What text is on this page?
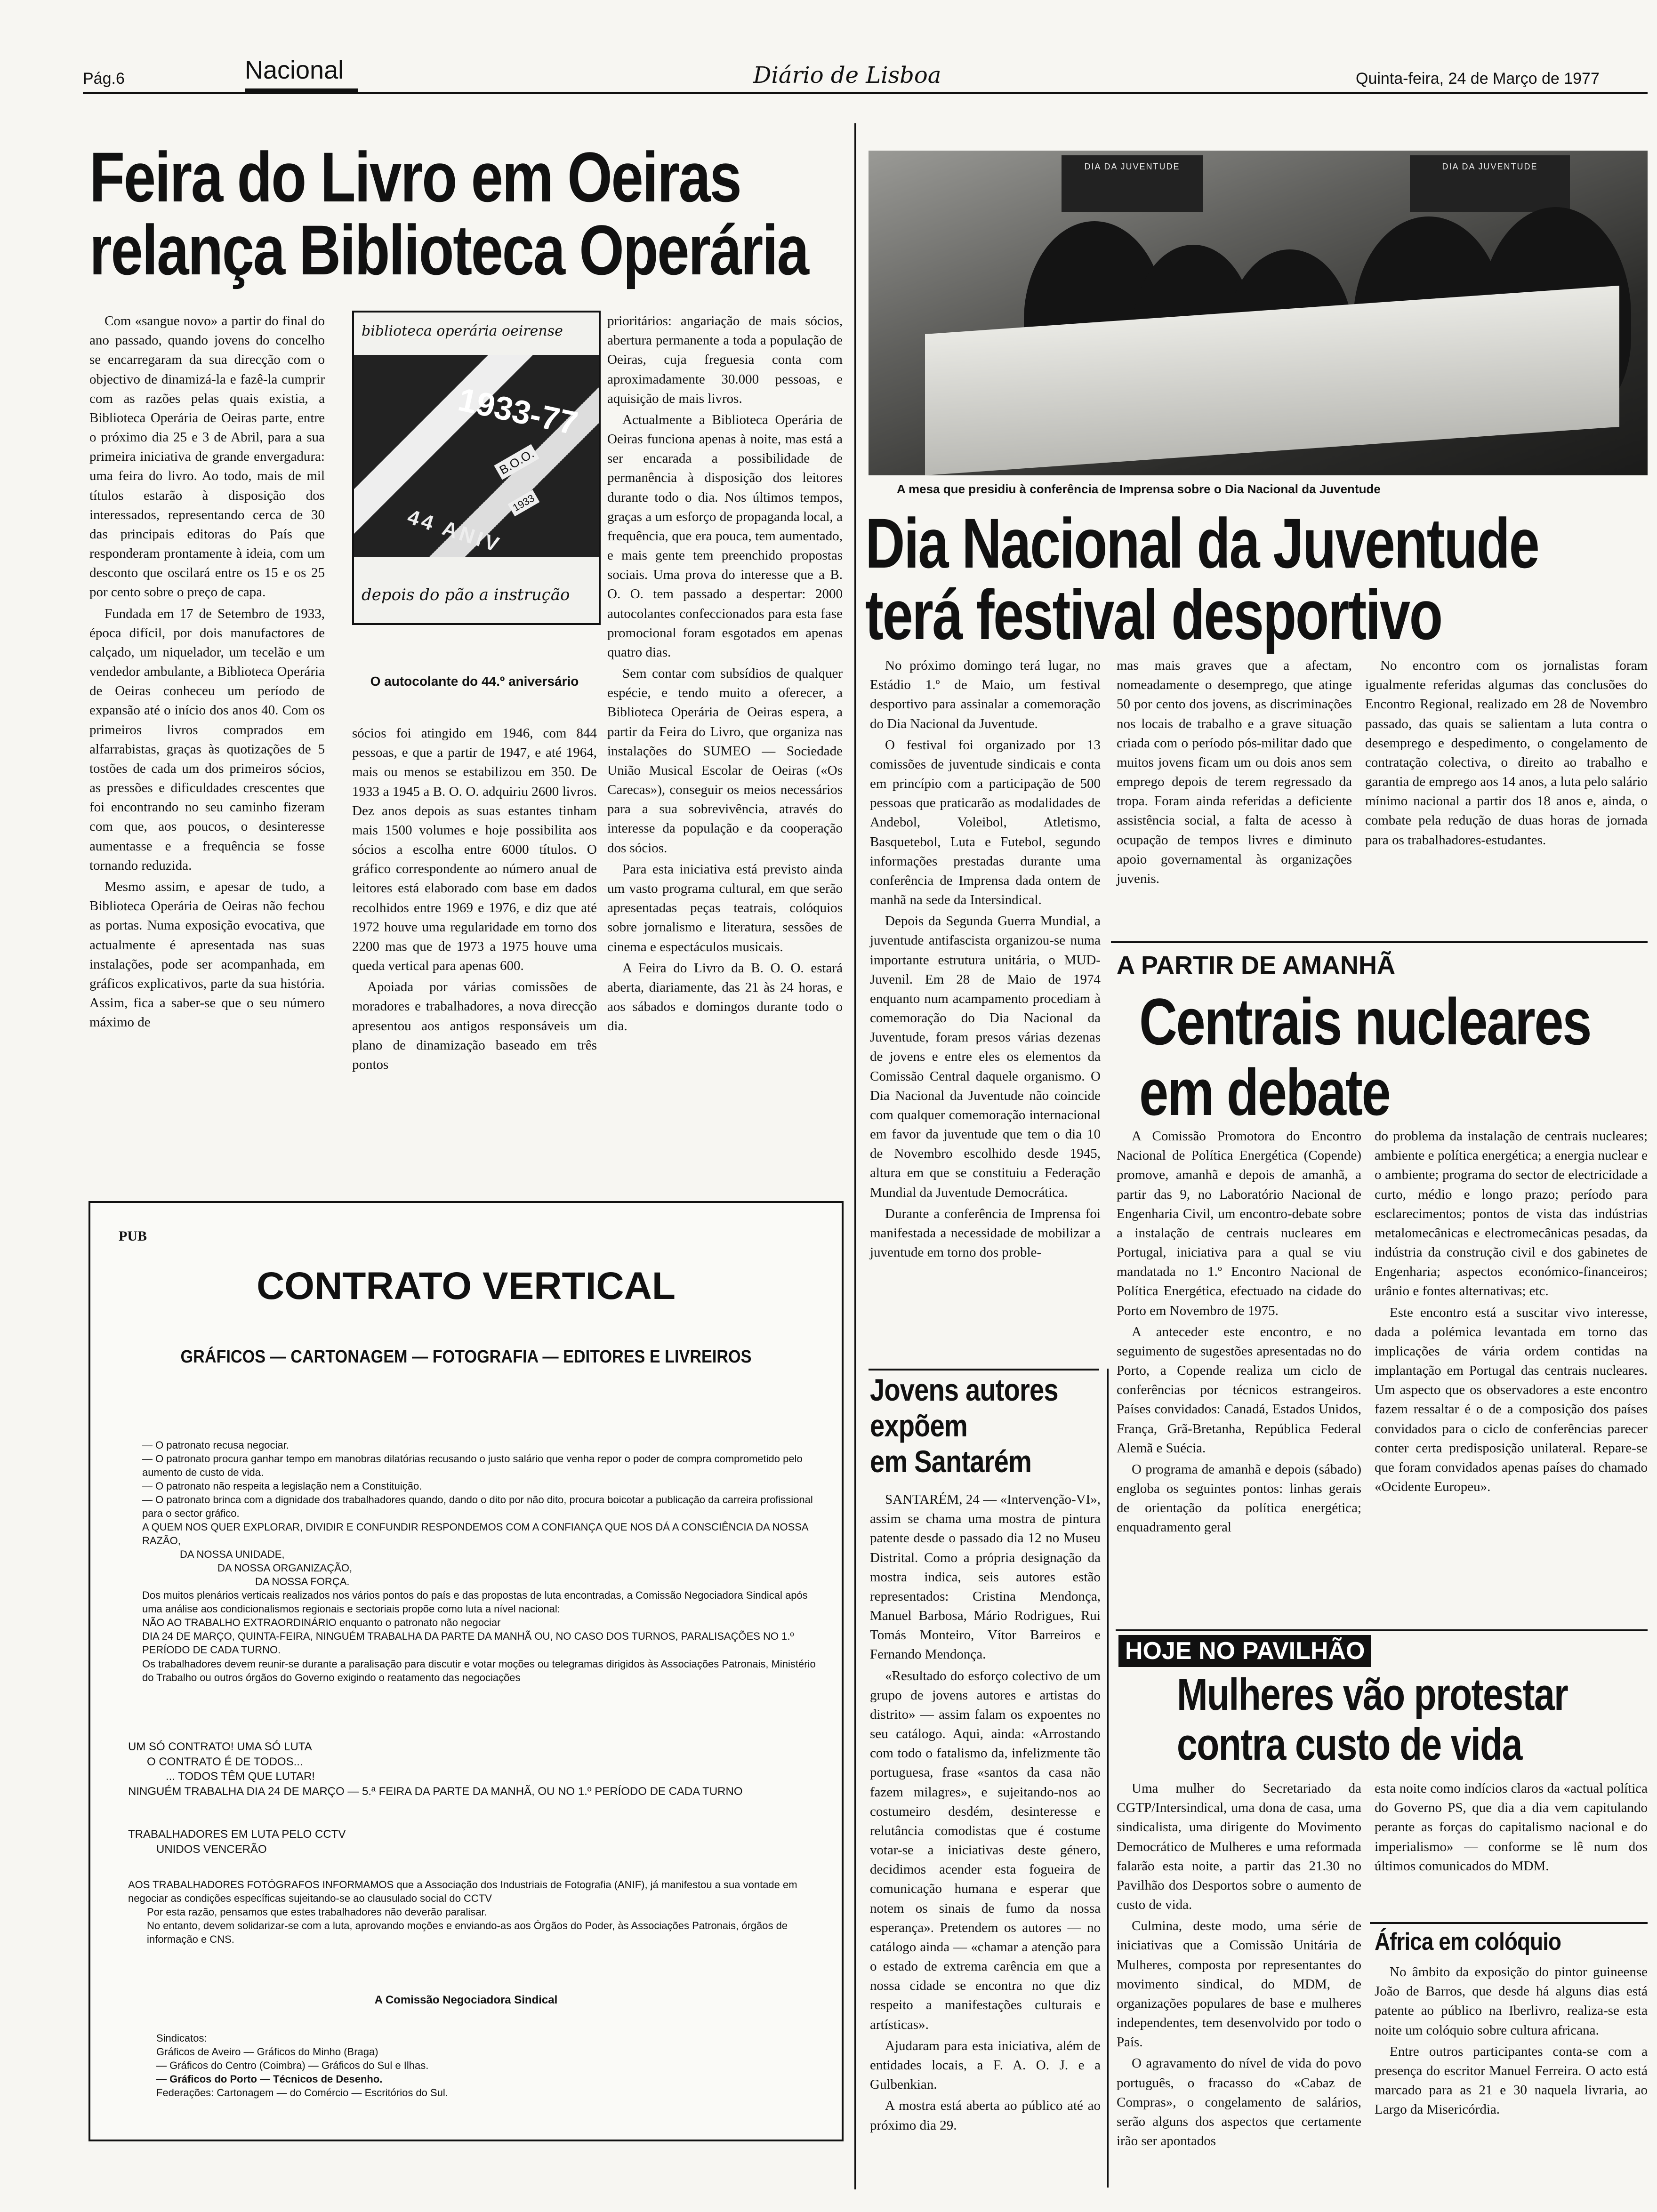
Pág.6	Nacional	Diário de Lisboa	Quinta-feira, 24 de Março de 1977
Feira do Livro em Oeiras
relança Biblioteca Operária

Com «sangue novo» a partir do final do ano passado, quando jovens do concelho se encarregaram da sua direcção com o objectivo de dinamizá-la e fazê-la cumprir com as razões pelas quais existia, a Biblioteca Operária de Oeiras parte, entre o próximo dia 25 e 3 de Abril, para a sua primeira iniciativa de grande envergadura: uma feira do livro. Ao todo, mais de mil títulos estarão à disposição dos interessados, representando cerca de 30 das principais editoras do País que responderam prontamente à ideia, com um desconto que oscilará entre os 15 e os 25 por cento sobre o preço de capa.

Fundada em 17 de Setembro de 1933, época difícil, por dois manufactores de calçado, um niquelador, um tecelão e um vendedor ambulante, a Biblioteca Operária de Oeiras conheceu um período de expansão até o início dos anos 40. Com os primeiros livros comprados em alfarrabistas, graças às quotizações de 5 tostões de cada um dos primeiros sócios, as pressões e dificuldades crescentes que foi encontrando no seu caminho fizeram com que, aos poucos, o desinteresse aumentasse e a frequência se fosse tornando reduzida.

Mesmo assim, e apesar de tudo, a Biblioteca Operária de Oeiras não fechou as portas. Numa exposição evocativa, que actualmente é apresentada nas suas instalações, pode ser acompanhada, em gráficos explicativos, parte da sua história. Assim, fica a saber-se que o seu número máximo de

biblioteca operária oeirense
1933-77
B.O.O.
1933
44 ANIV
depois do pão a instrução
O autocolante do 44.º aniversário

sócios foi atingido em 1946, com 844 pessoas, e que a partir de 1947, e até 1964, mais ou menos se estabilizou em 350. De 1933 a 1945 a B. O. O. adquiriu 2600 livros. Dez anos depois as suas estantes tinham mais 1500 volumes e hoje possibilita aos sócios a escolha entre 6000 títulos. O gráfico correspondente ao número anual de leitores está elaborado com base em dados recolhidos entre 1969 e 1976, e diz que até 1972 houve uma regularidade em torno dos 2200 mas que de 1973 a 1975 houve uma queda vertical para apenas 600.

Apoiada por várias comissões de moradores e trabalhadores, a nova direcção apresentou aos antigos responsáveis um plano de dinamização baseado em três pontos

prioritários: angariação de mais sócios, abertura permanente a toda a população de Oeiras, cuja freguesia conta com aproximadamente 30.000 pessoas, e aquisição de mais livros.

Actualmente a Biblioteca Operária de Oeiras funciona apenas à noite, mas está a ser encarada a possibilidade de permanência à disposição dos leitores durante todo o dia. Nos últimos tempos, graças a um esforço de propaganda local, a frequência, que era pouca, tem aumentado, e mais gente tem preenchido propostas sociais. Uma prova do interesse que a B. O. O. tem passado a despertar: 2000 autocolantes confeccionados para esta fase promocional foram esgotados em apenas quatro dias.

Sem contar com subsídios de qualquer espécie, e tendo muito a oferecer, a Biblioteca Operária de Oeiras espera, a partir da Feira do Livro, que organiza nas instalações do SUMEO — Sociedade União Musical Escolar de Oeiras («Os Carecas»), conseguir os meios necessários para a sua sobrevivência, através do interesse da população e da cooperação dos sócios.

Para esta iniciativa está previsto ainda um vasto programa cultural, em que serão apresentadas peças teatrais, colóquios sobre jornalismo e literatura, sessões de cinema e espectáculos musicais.

A Feira do Livro da B. O. O. estará aberta, diariamente, das 21 às 24 horas, e aos sábados e domingos durante todo o dia.

PUB
CONTRATO VERTICAL
GRÁFICOS — CARTONAGEM — FOTOGRAFIA — EDITORES E LIVREIROS

— O patronato recusa negociar.

— O patronato procura ganhar tempo em manobras dilatórias recusando o justo salário que venha repor o poder de compra comprometido pelo aumento de custo de vida.

— O patronato não respeita a legislação nem a Constituição.

— O patronato brinca com a dignidade dos trabalhadores quando, dando o dito por não dito, procura boicotar a publicação da carreira profissional para o sector gráfico.

A QUEM NOS QUER EXPLORAR, DIVIDIR E CONFUNDIR RESPONDEMOS COM A CONFIANÇA QUE NOS DÁ A CONSCIÊNCIA DA NOSSA RAZÃO,

DA NOSSA UNIDADE,

DA NOSSA ORGANIZAÇÃO,

DA NOSSA FORÇA.

Dos muitos plenários verticais realizados nos vários pontos do país e das propostas de luta encontradas, a Comissão Negociadora Sindical após uma análise aos condicionalismos regionais e sectoriais propõe como luta a nível nacional:

NÃO AO TRABALHO EXTRAORDINÁRIO enquanto o patronato não negociar

DIA 24 DE MARÇO, QUINTA-FEIRA, NINGUÉM TRABALHA DA PARTE DA MANHÃ OU, NO CASO DOS TURNOS, PARALISAÇÕES NO 1.º PERÍODO DE CADA TURNO.

Os trabalhadores devem reunir-se durante a paralisação para discutir e votar moções ou telegramas dirigidos às Associações Patronais, Ministério do Trabalho ou outros órgãos do Governo exigindo o reatamento das negociações

UM SÓ CONTRATO! UMA SÓ LUTA

O CONTRATO É DE TODOS...

... TODOS TÊM QUE LUTAR!

NINGUÉM TRABALHA DIA 24 DE MARÇO — 5.ª FEIRA DA PARTE DA MANHÃ, OU NO 1.º PERÍODO DE CADA TURNO

TRABALHADORES EM LUTA PELO CCTV

UNIDOS VENCERÃO

AOS TRABALHADORES FOTÓGRAFOS INFORMAMOS que a Associação dos Industriais de Fotografia (ANIF), já manifestou a sua vontade em negociar as condições específicas sujeitando-se ao clausulado social do CCTV

Por esta razão, pensamos que estes trabalhadores não deverão paralisar.

No entanto, devem solidarizar-se com a luta, aprovando moções e enviando-as aos Órgãos do Poder, às Associações Patronais, órgãos de informação e CNS.

A Comissão Negociadora Sindical

Sindicatos:

Gráficos de Aveiro — Gráficos do Minho (Braga)

— Gráficos do Centro (Coimbra) — Gráficos do Sul e Ilhas.

— Gráficos do Porto — Técnicos de Desenho.

Federações: Cartonagem — do Comércio — Escritórios do Sul.

DIA DA JUVENTUDE	DIA DA JUVENTUDE
A mesa que presidiu à conferência de Imprensa sobre o Dia Nacional da Juventude
Dia Nacional da Juventude
terá festival desportivo

No próximo domingo terá lugar, no Estádio 1.º de Maio, um festival desportivo para assinalar a comemoração do Dia Nacional da Juventude.

O festival foi organizado por 13 comissões de juventude sindicais e conta em princípio com a participação de 500 pessoas que praticarão as modalidades de Andebol, Voleibol, Atletismo, Basquetebol, Luta e Futebol, segundo informações prestadas durante uma conferência de Imprensa dada ontem de manhã na sede da Intersindical.

Depois da Segunda Guerra Mundial, a juventude antifascista organizou-se numa importante estrutura unitária, o MUD-Juvenil. Em 28 de Maio de 1974 enquanto num acampamento procediam à comemoração do Dia Nacional da Juventude, foram presos várias dezenas de jovens e entre eles os elementos da Comissão Central daquele organismo. O Dia Nacional da Juventude não coincide com qualquer comemoração internacional em favor da juventude que tem o dia 10 de Novembro escolhido desde 1945, altura em que se constituiu a Federação Mundial da Juventude Democrática.

Durante a conferência de Imprensa foi manifestada a necessidade de mobilizar a juventude em torno dos proble-

mas mais graves que a afectam, nomeadamente o desemprego, que atinge 50 por cento dos jovens, as discriminações nos locais de trabalho e a grave situação criada com o período pós-militar dado que muitos jovens ficam um ou dois anos sem emprego depois de terem regressado da tropa. Foram ainda referidas a deficiente assistência social, a falta de acesso à ocupação de tempos livres e diminuto apoio governamental às organizações juvenis.

No encontro com os jornalistas foram igualmente referidas algumas das conclusões do Encontro Regional, realizado em 28 de Novembro passado, das quais se salientam a luta contra o desemprego e despedimento, o congelamento de contratação colectiva, o direito ao trabalho e garantia de emprego aos 14 anos, a luta pelo salário mínimo nacional a partir dos 18 anos e, ainda, o combate pela redução de duas horas de jornada para os trabalhadores-estudantes.

A PARTIR DE AMANHÃ
Centrais nucleares
em debate

A Comissão Promotora do Encontro Nacional de Política Energética (Copende) promove, amanhã e depois de amanhã, a partir das 9, no Laboratório Nacional de Engenharia Civil, um encontro-debate sobre a instalação de centrais nucleares em Portugal, iniciativa para a qual se viu mandatada no 1.º Encontro Nacional de Política Energética, efectuado na cidade do Porto em Novembro de 1975.

A anteceder este encontro, e no seguimento de sugestões apresentadas no do Porto, a Copende realiza um ciclo de conferências por técnicos estrangeiros. Países convidados: Canadá, Estados Unidos, França, Grã-Bretanha, República Federal Alemã e Suécia.

O programa de amanhã e depois (sábado) engloba os seguintes pontos: linhas gerais de orientação da política energética; enquadramento geral

do problema da instalação de centrais nucleares; ambiente e política energética; a energia nuclear e o ambiente; programa do sector de electricidade a curto, médio e longo prazo; período para esclarecimentos; pontos de vista das indústrias metalomecânicas e electromecânicas pesadas, da indústria da construção civil e dos gabinetes de Engenharia; aspectos económico-financeiros; urânio e fontes alternativas; etc.

Este encontro está a suscitar vivo interesse, dada a polémica levantada em torno das implicações de vária ordem contidas na implantação em Portugal das centrais nucleares. Um aspecto que os observadores a este encontro fazem ressaltar é o de a composição dos países convidados para o ciclo de conferências parecer conter certa predisposição unilateral. Repare-se que foram convidados apenas países do chamado «Ocidente Europeu».

Jovens autores
expõem
em Santarém

SANTARÉM, 24 — «Intervenção-VI», assim se chama uma mostra de pintura patente desde o passado dia 12 no Museu Distrital. Como a própria designação da mostra indica, seis autores estão representados: Cristina Mendonça, Manuel Barbosa, Mário Rodrigues, Rui Tomás Monteiro, Vítor Barreiros e Fernando Mendonça.

«Resultado do esforço colectivo de um grupo de jovens autores e artistas do distrito» — assim falam os expoentes no seu catálogo. Aqui, ainda: «Arrostando com todo o fatalismo da, infelizmente tão portuguesa, frase «santos da casa não fazem milagres», e sujeitando-nos ao costumeiro desdém, desinteresse e relutância comodistas que é costume votar-se a iniciativas deste género, decidimos acender esta fogueira de comunicação humana e esperar que notem os sinais de fumo da nossa esperança». Pretendem os autores — no catálogo ainda — «chamar a atenção para o estado de extrema carência em que a nossa cidade se encontra no que diz respeito a manifestações culturais e artísticas».

Ajudaram para esta iniciativa, além de entidades locais, a F. A. O. J. e a Gulbenkian.

A mostra está aberta ao público até ao próximo dia 29.

HOJE NO PAVILHÃO
Mulheres vão protestar
contra custo de vida

Uma mulher do Secretariado da CGTP/Intersindical, uma dona de casa, uma sindicalista, uma dirigente do Movimento Democrático de Mulheres e uma reformada falarão esta noite, a partir das 21.30 no Pavilhão dos Desportos sobre o aumento de custo de vida.

Culmina, deste modo, uma série de iniciativas que a Comissão Unitária de Mulheres, composta por representantes do movimento sindical, do MDM, de organizações populares de base e mulheres independentes, tem desenvolvido por todo o País.

O agravamento do nível de vida do povo português, o fracasso do «Cabaz de Compras», o congelamento de salários, serão alguns dos aspectos que certamente irão ser apontados

esta noite como indícios claros da «actual política do Governo PS, que dia a dia vem capitulando perante as forças do capitalismo nacional e do imperialismo» — conforme se lê num dos últimos comunicados do MDM.

África em colóquio

No âmbito da exposição do pintor guineense João de Barros, que desde há alguns dias está patente ao público na Iberlivro, realiza-se esta noite um colóquio sobre cultura africana.

Entre outros participantes conta-se com a presença do escritor Manuel Ferreira. O acto está marcado para as 21 e 30 naquela livraria, ao Largo da Misericórdia.
